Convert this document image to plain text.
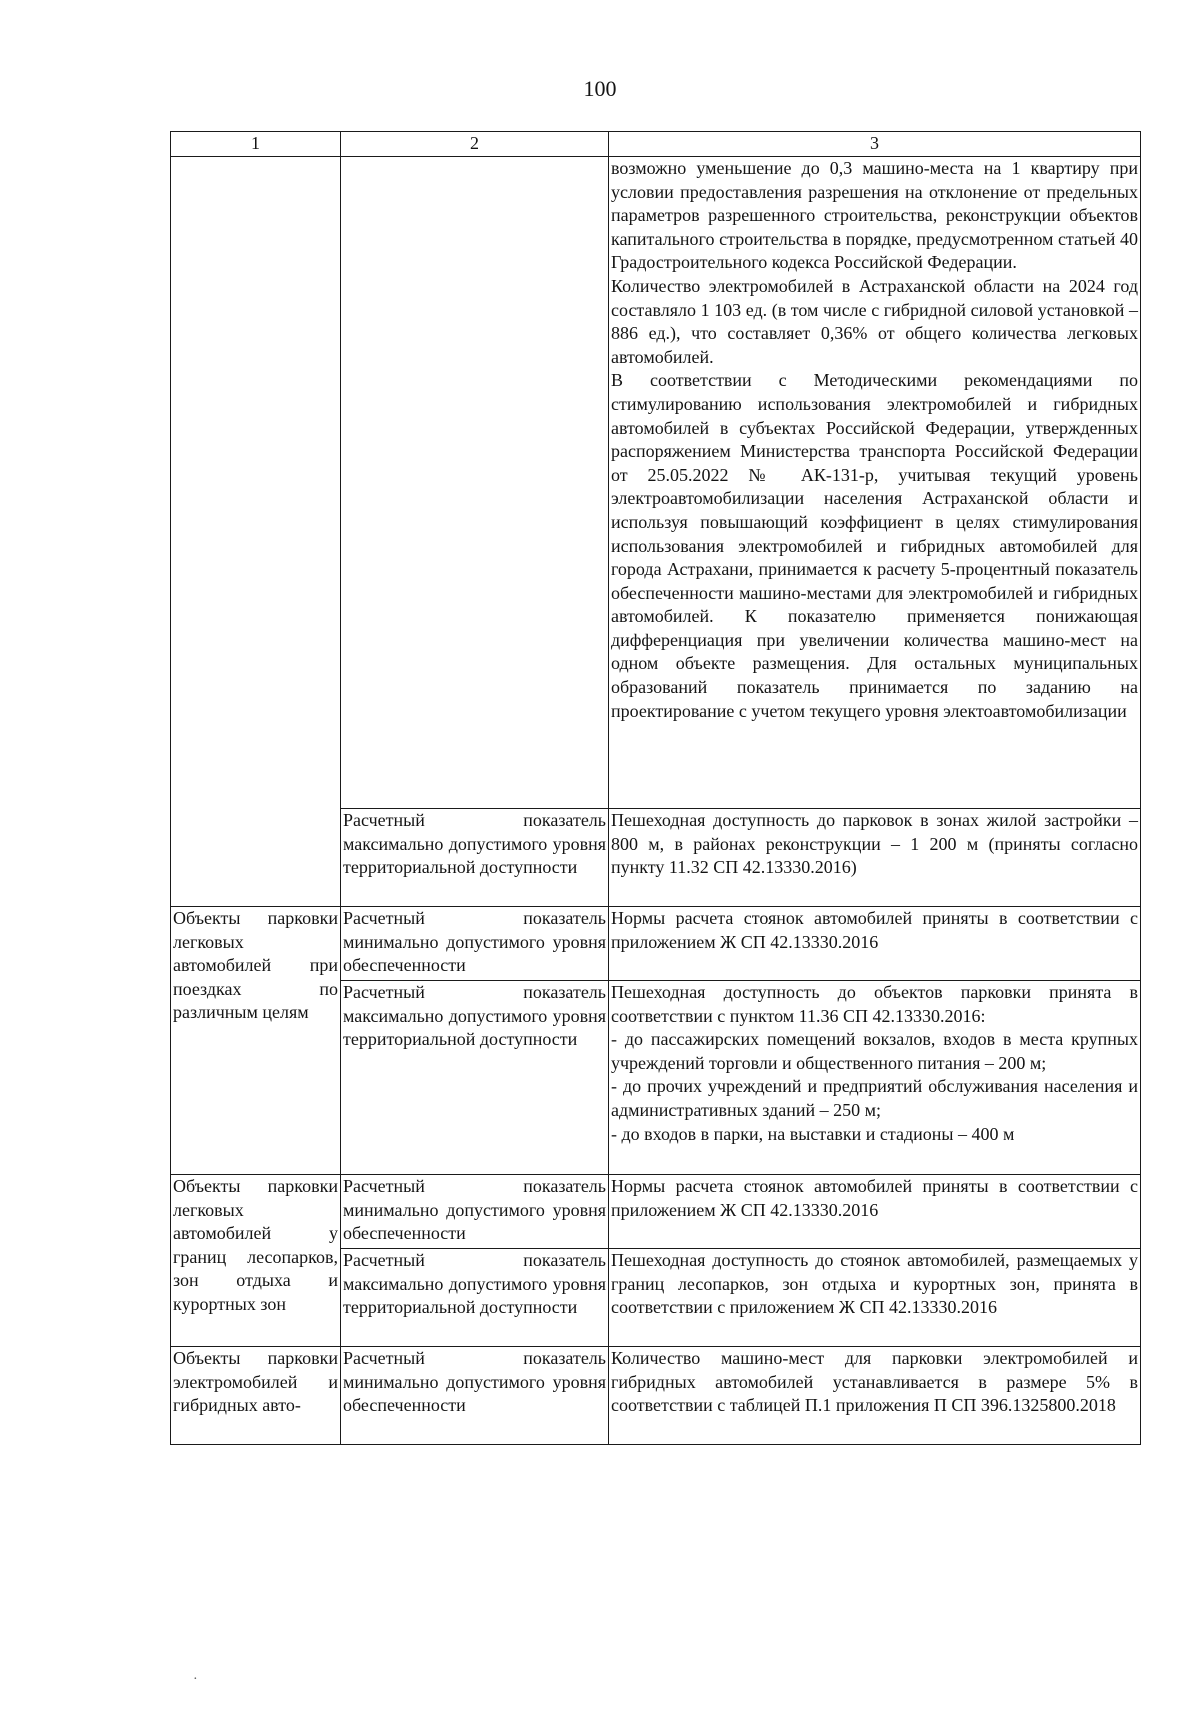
100
1	2	3

		возможно уменьшение до 0,3 машино-места на 1 квартиру при условии предоставления разрешения на отклонение от предельных параметров разрешенного строительства, реконструкции объектов капитального строительства в порядке, предусмотренном статьей 40 Градостроительного кодекса Российской Федерации.
Количество электромобилей в Астраханской области на 2024 год составляло 1 103 ед. (в том числе с гибридной силовой установкой – 886 ед.), что составляет 0,36% от общего количества легковых автомобилей.
В соответствии с Методическими рекомендациями по стимулированию использования электромобилей и гибридных автомобилей в субъектах Российской Федерации, утвержденных распоряжением Министерства транспорта Российской Федерации от 25.05.2022 № АК-131-р, учитывая текущий уровень электроавтомобилизации населения Астраханской области и используя повышающий коэффициент в целях стимулирования использования электромобилей и гибридных автомобилей для города Астрахани, принимается к расчету 5-процентный показатель обеспеченности машино-местами для электромобилей и гибридных автомобилей. К показателю применяется понижающая дифференциация при увеличении количества машино-мест на одном объекте размещения. Для остальных муниципальных образований показатель принимается по заданию на проектирование с учетом текущего уровня электоавтомобилизации

	Расчетный показатель максимально допустимого уровня территориальной доступности	Пешеходная доступность до парковок в зонах жилой застройки – 800 м, в районах реконструкции – 1 200 м (приняты согласно пункту 11.32 СП 42.13330.2016)
Объекты парковки легковых автомобилей при поездках по различным целям	Расчетный показатель минимально допустимого уровня обеспеченности	Нормы расчета стоянок автомобилей приняты в соответствии с приложением Ж СП 42.13330.2016
	Расчетный показатель максимально допустимого уровня территориальной доступности	Пешеходная доступность до объектов парковки принята в соответствии с пунктом 11.36 СП 42.13330.2016:
- до пассажирских помещений вокзалов, входов в места крупных учреждений торговли и общественного питания – 200 м;
- до прочих учреждений и предприятий обслуживания населения и административных зданий – 250 м;
- до входов в парки, на выставки и стадионы – 400 м

Объекты парковки легковых автомобилей у границ лесопарков, зон отдыха и курортных зон	Расчетный показатель минимально допустимого уровня обеспеченности	Нормы расчета стоянок автомобилей приняты в соответствии с приложением Ж СП 42.13330.2016
	Расчетный показатель максимально допустимого уровня территориальной доступности	Пешеходная доступность до стоянок автомобилей, размещаемых у границ лесопарков, зон отдыха и курортных зон, принята в соответствии с приложением Ж СП 42.13330.2016
Объекты парковки электромобилей и гибридных авто-	Расчетный показатель минимально допустимого уровня обеспеченности	Количество машино-мест для парковки электромобилей и гибридных автомобилей устанавливается в размере 5% в соответствии с таблицей П.1 приложения П СП 396.1325800.2018
·
